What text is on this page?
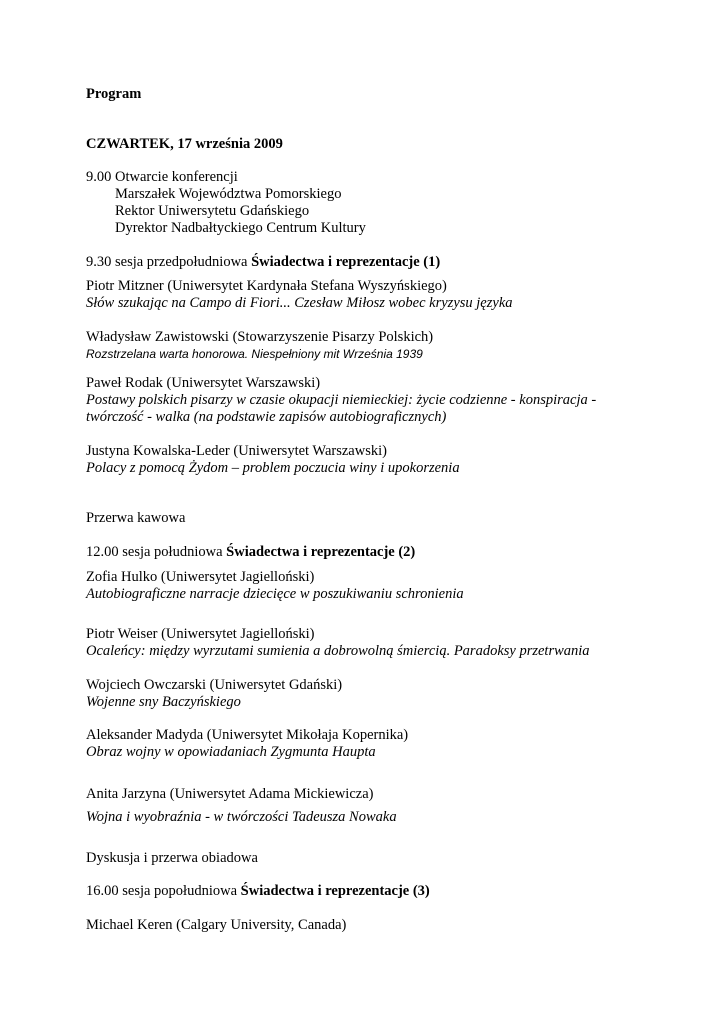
Program
CZWARTEK, 17 września 2009
9.00 Otwarcie konferencji
Marszałek Województwa Pomorskiego
Rektor Uniwersytetu Gdańskiego
Dyrektor Nadbałtyckiego Centrum Kultury
9.30 sesja przedpołudniowa Świadectwa i reprezentacje (1)
Piotr Mitzner (Uniwersytet Kardynała Stefana Wyszyńskiego)
Słów szukając na Campo di Fiori... Czesław Miłosz wobec kryzysu języka
Władysław Zawistowski (Stowarzyszenie Pisarzy Polskich)
Rozstrzelana warta honorowa. Niespełniony mit Września 1939
Paweł Rodak (Uniwersytet Warszawski)
Postawy polskich pisarzy w czasie okupacji niemieckiej: życie codzienne - konspiracja -
twórczość - walka (na podstawie zapisów autobiograficznych)
Justyna Kowalska-Leder (Uniwersytet Warszawski)
Polacy z pomocą Żydom – problem poczucia winy i upokorzenia
Przerwa kawowa
12.00 sesja południowa Świadectwa i reprezentacje (2)
Zofia Hulko (Uniwersytet Jagielloński)
Autobiograficzne narracje dziecięce w poszukiwaniu schronienia
Piotr Weiser (Uniwersytet Jagielloński)
Ocaleńcy: między wyrzutami sumienia a dobrowolną śmiercią. Paradoksy przetrwania
Wojciech Owczarski (Uniwersytet Gdański)
Wojenne sny Baczyńskiego
Aleksander Madyda (Uniwersytet Mikołaja Kopernika)
Obraz wojny w opowiadaniach Zygmunta Haupta
Anita Jarzyna (Uniwersytet Adama Mickiewicza)
Wojna i wyobraźnia - w twórczości Tadeusza Nowaka
Dyskusja i przerwa obiadowa
16.00 sesja popołudniowa Świadectwa i reprezentacje (3)
Michael Keren (Calgary University, Canada)
